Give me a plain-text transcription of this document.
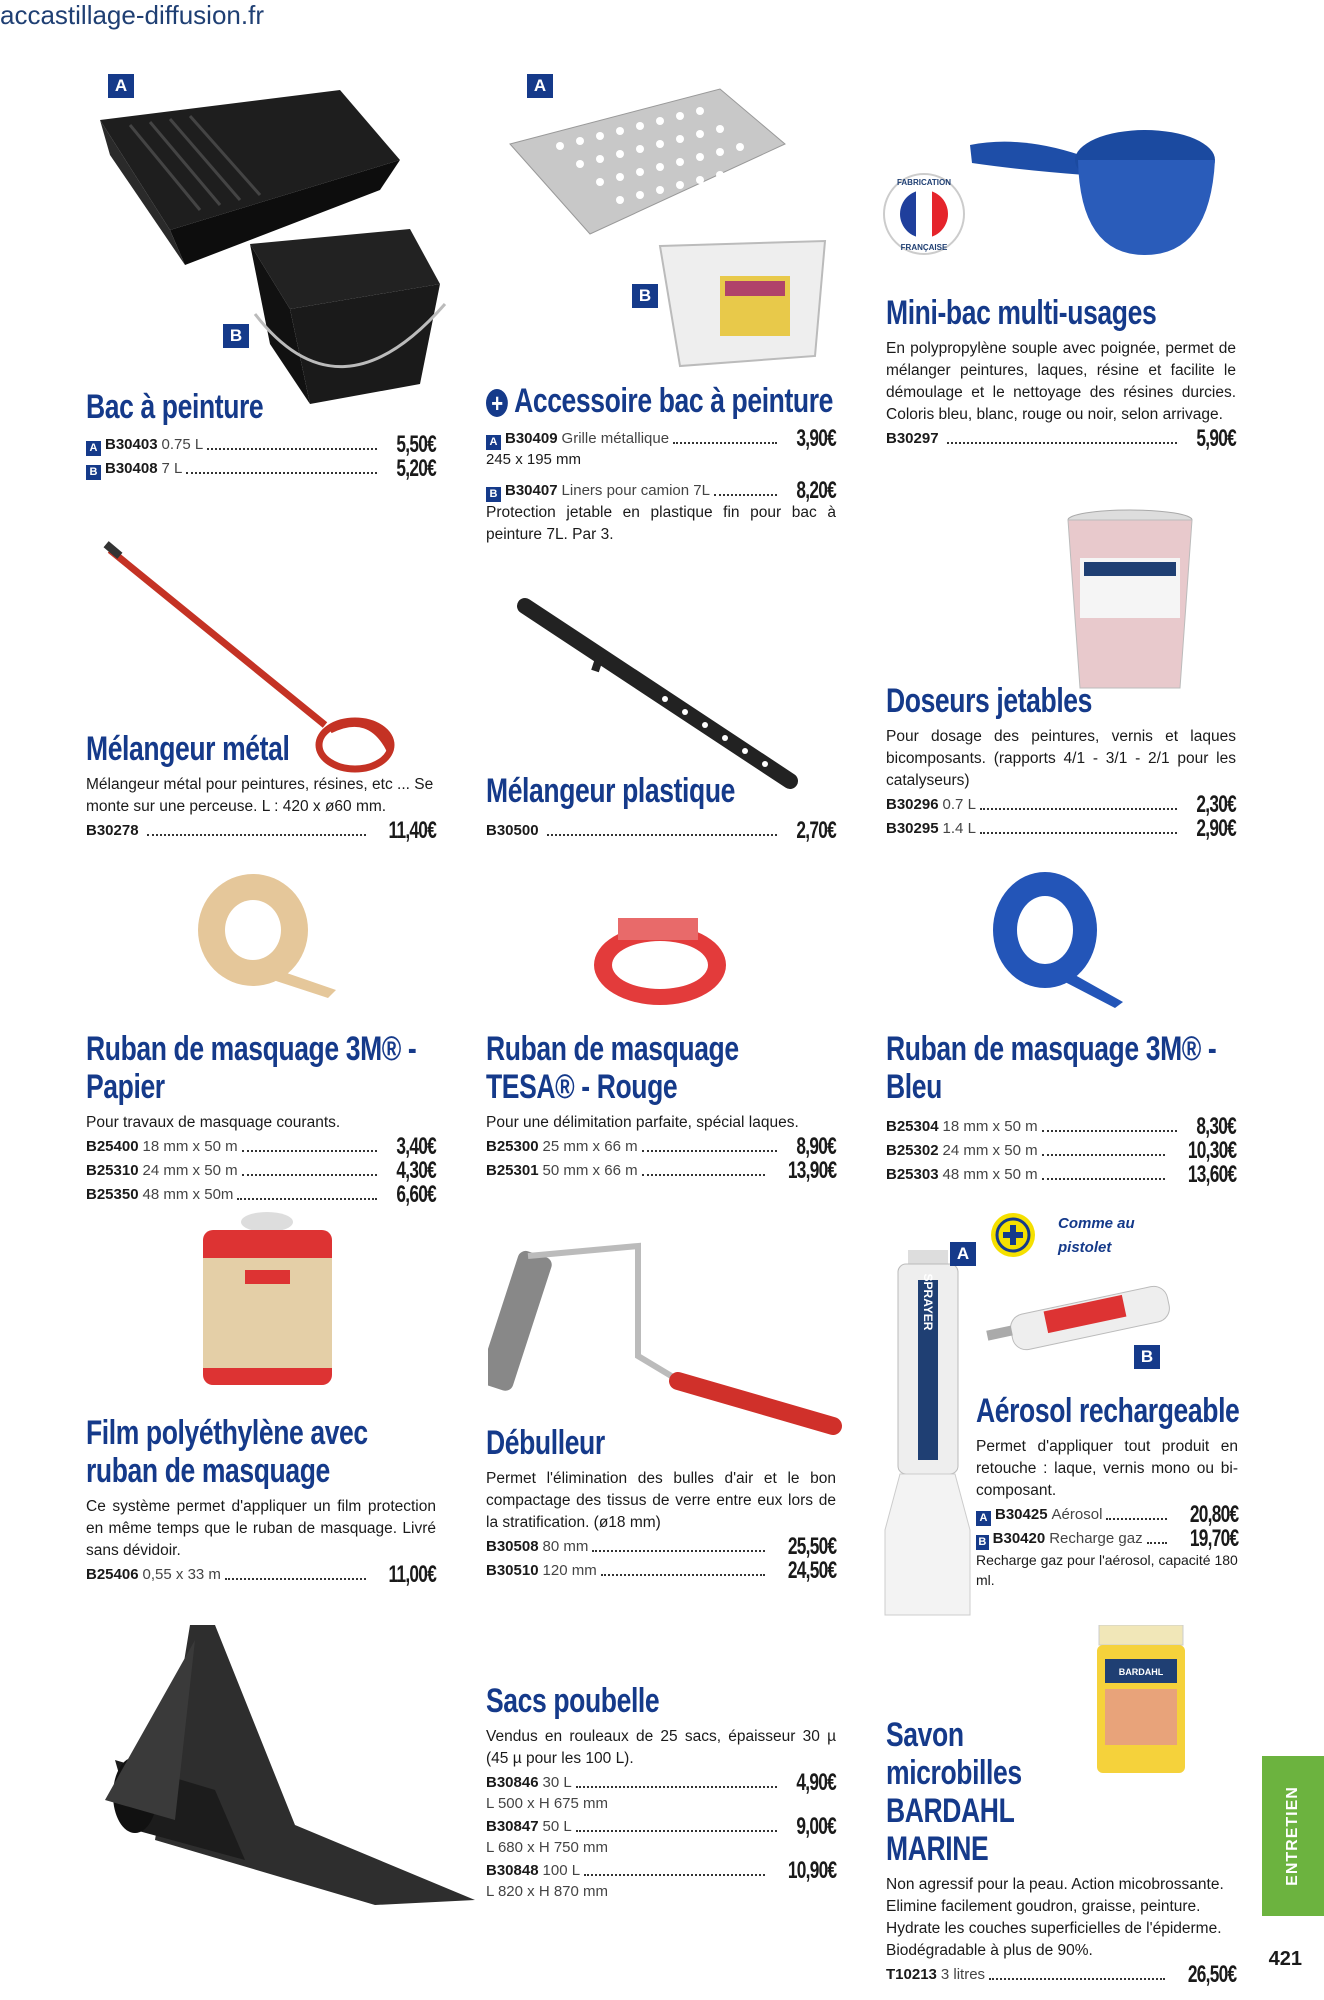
accastillage-diffusion.fr
A
B
A
B
FABRICATION
FRANÇAISE
SPRAYER
A
Comme au pistolet
B
BARDAHL
Bac à peinture
A B30403 0.75 L	5,50€
B B30408 7 L	5,20€
+ Accessoire bac à peinture
A B30409 Grille métallique	3,90€
245 x 195 mm
B B30407 Liners pour camion 7L	8,20€
Protection jetable en plastique fin pour bac à peinture 7L. Par 3.
Mini-bac multi-usages
En polypropylène souple avec poignée, permet de mélanger peintures, laques, résine et facilite le démoulage et le nettoyage des résines durcies. Coloris bleu, blanc, rouge ou noir, selon arrivage.
B30297	5,90€
Mélangeur métal
Mélangeur métal pour peintures, résines, etc ... Se monte sur une perceuse. L : 420 x ø60 mm.
B30278	11,40€
Mélangeur plastique
B30500	2,70€
Doseurs jetables
Pour dosage des peintures, vernis et laques bicomposants. (rapports 4/1 - 3/1 - 2/1 pour les catalyseurs)
B30296 0.7 L	2,30€
B30295 1.4 L	2,90€
Ruban de masquage 3M® - Papier
Pour travaux de masquage courants.
B25400 18 mm x 50 m	3,40€
B25310 24 mm x 50 m	4,30€
B25350 48 mm x 50m	6,60€
Ruban de masquage TESA® - Rouge
Pour une délimitation parfaite, spécial laques.
B25300 25 mm x 66 m	8,90€
B25301 50 mm x 66 m	13,90€
Ruban de masquage 3M® - Bleu
B25304 18 mm x 50 m	8,30€
B25302 24 mm x 50 m	10,30€
B25303 48 mm x 50 m	13,60€
Film polyéthylène avec ruban de masquage
Ce système permet d'appliquer un film protection en même temps que le ruban de masquage. Livré sans dévidoir.
B25406 0,55 x 33 m	11,00€
Débulleur
Permet l'élimination des bulles d'air et le bon compactage des tissus de verre entre eux lors de la stratification. (ø18 mm)
B30508 80 mm	25,50€
B30510 120 mm	24,50€
Aérosol rechargeable
Permet d'appliquer tout produit en retouche : laque, vernis mono ou bi-composant.
A B30425 Aérosol	20,80€
B B30420 Recharge gaz 19,70€
Recharge gaz pour l'aérosol, capacité 180 ml.
Sacs poubelle
Vendus en rouleaux de 25 sacs, épaisseur 30 µ (45 µ pour les 100 L).
B30846 30 L	4,90€
L 500 x H 675 mm
B30847 50 L	9,00€
L 680 x H 750 mm
B30848 100 L	10,90€
L 820 x H 870 mm
Savon microbilles BARDAHL MARINE
Non agressif pour la peau. Action micobrossante. Elimine facilement goudron, graisse, peinture. Hydrate les couches superficielles de l'épiderme. Biodégradable à plus de 90%.
T10213 3 litres	26,50€
ENTRETIEN
421
